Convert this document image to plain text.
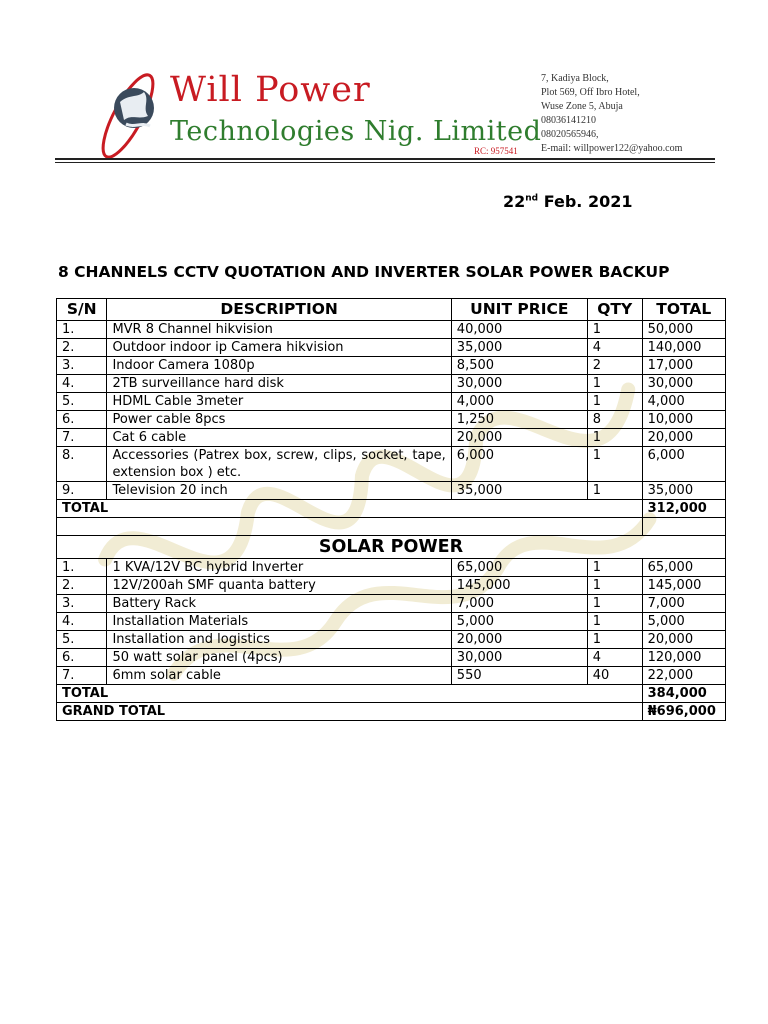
Will Power
Technologies Nig. Limited
RC: 957541
7, Kadiya Block,
Plot 569, Off Ibro Hotel,
Wuse Zone 5, Abuja
08036141210
08020565946,
E-mail: willpower122@yahoo.com
22nd Feb. 2021
8 CHANNELS CCTV QUOTATION AND INVERTER SOLAR POWER BACKUP
S/N	DESCRIPTION	UNIT PRICE	QTY	TOTAL
1.	MVR 8 Channel hikvision	40,000	1	50,000
2.	Outdoor indoor ip Camera hikvision	35,000	4	140,000
3.	Indoor Camera 1080p	8,500	2	17,000
4.	2TB surveillance hard disk	30,000	1	30,000
5.	HDML Cable 3meter	4,000	1	4,000
6.	Power cable 8pcs	1,250	8	10,000
7.	Cat 6 cable	20,000	1	20,000
8.	Accessories (Patrex box, screw, clips, socket, tape, extension box ) etc.	6,000	1	6,000
9.	Television 20 inch	35,000	1	35,000
TOTAL				312,000

SOLAR POWER				
1.	1 KVA/12V BC hybrid Inverter	65,000	1	65,000
2.	12V/200ah SMF quanta battery	145,000	1	145,000
3.	Battery Rack	7,000	1	7,000
4.	Installation Materials	5,000	1	5,000
5.	Installation and logistics	20,000	1	20,000
6.	50 watt solar panel (4pcs)	30,000	4	120,000
7.	6mm solar cable	550	40	22,000
TOTAL				384,000
GRAND TOTAL				₦696,000
